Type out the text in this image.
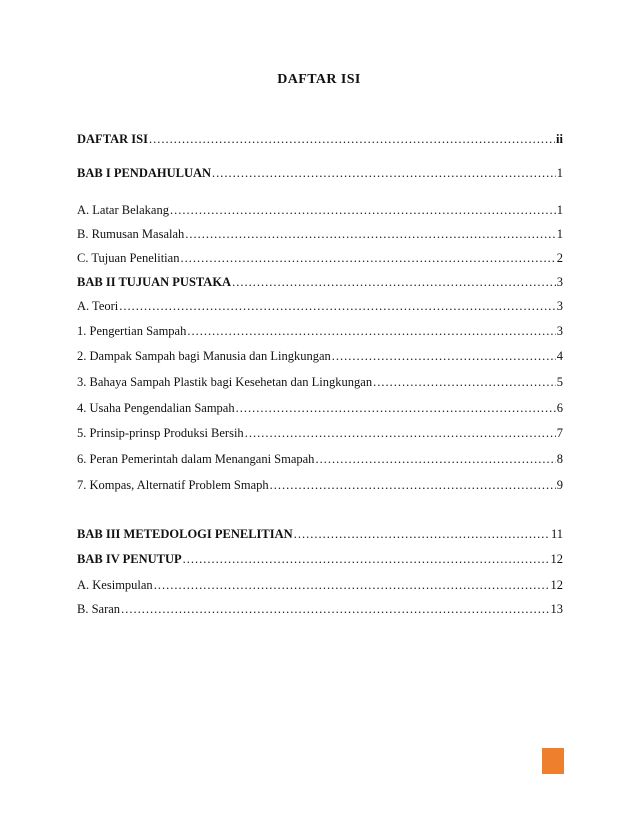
DAFTAR ISI
DAFTAR ISI .....	ii
BAB I PENDAHULUAN .....	1
A. Latar Belakang .....	1
B. Rumusan Masalah .....	1
C. Tujuan Penelitian .....	2
BAB II TUJUAN PUSTAKA .....	3
A. Teori .....	3
1. Pengertian Sampah .....	3
2. Dampak Sampah bagi Manusia dan Lingkungan .....	4
3. Bahaya Sampah Plastik bagi Kesehetan dan Lingkungan .....	5
4. Usaha Pengendalian Sampah .....	6
5. Prinsip-prinsp Produksi Bersih .....	7
6. Peran Pemerintah dalam Menangani Smapah .....	8
7. Kompas, Alternatif Problem Smaph .....	9
BAB III METEDOLOGI PENELITIAN .....	11
BAB IV PENUTUP .....	12
A. Kesimpulan .....	12
B. Saran .....	13
